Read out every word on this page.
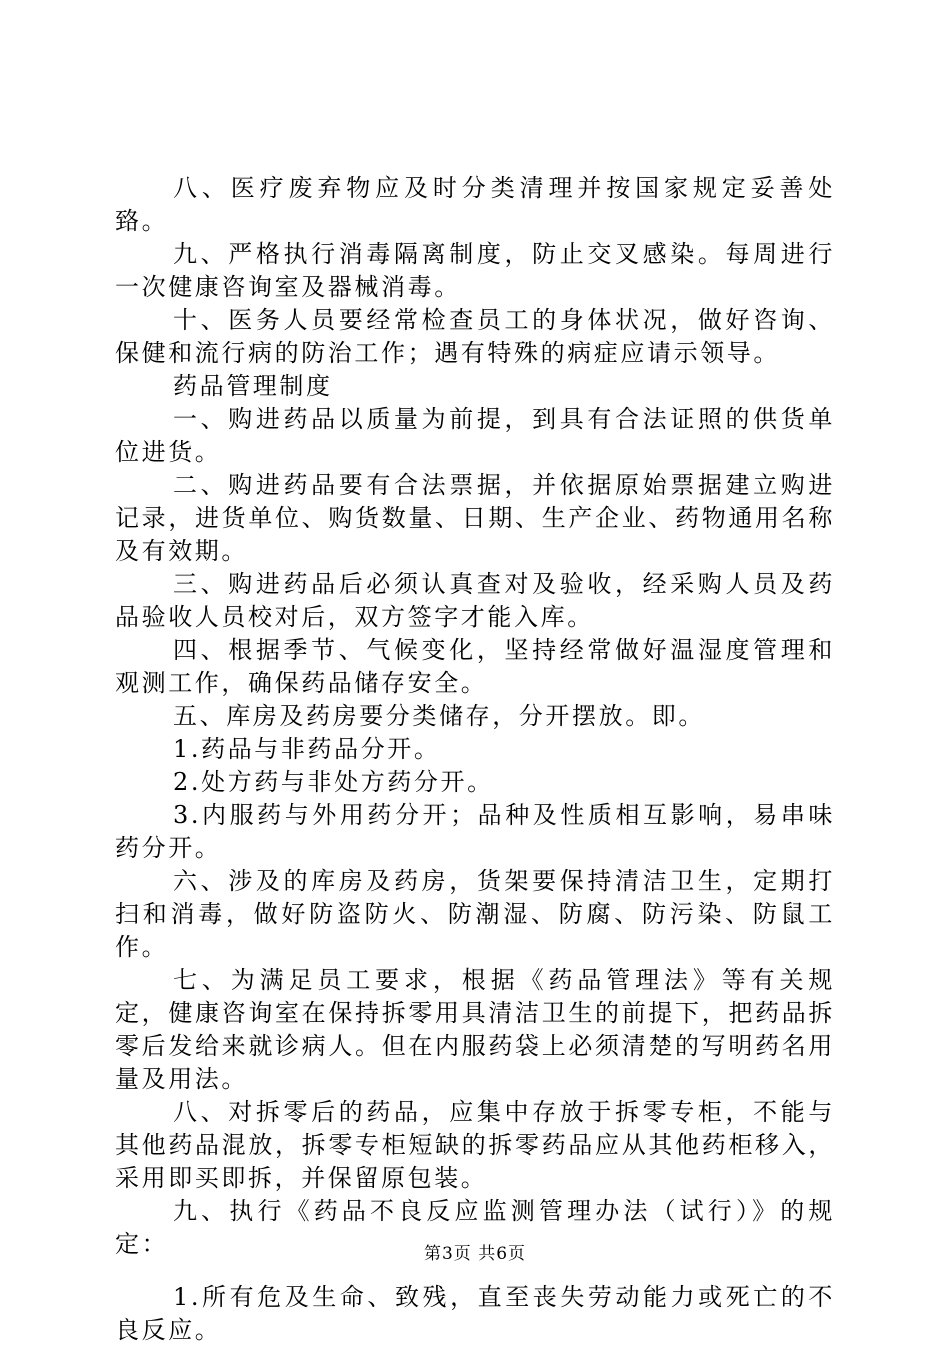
八、医疗废弃物应及时分类清理并按国家规定妥善处臵。

九、严格执行消毒隔离制度，防止交叉感染。每周进行一次健康咨询室及器械消毒。

十、医务人员要经常检查员工的身体状况，做好咨询、保健和流行病的防治工作；遇有特殊的病症应请示领导。

药品管理制度

一、购进药品以质量为前提，到具有合法证照的供货单位进货。

二、购进药品要有合法票据，并依据原始票据建立购进记录，进货单位、购货数量、日期、生产企业、药物通用名称及有效期。

三、购进药品后必须认真查对及验收，经采购人员及药品验收人员校对后，双方签字才能入库。

四、根据季节、气候变化，坚持经常做好温湿度管理和观测工作，确保药品储存安全。

五、库房及药房要分类储存，分开摆放。即。

1.药品与非药品分开。

2.处方药与非处方药分开。

3.内服药与外用药分开；品种及性质相互影响，易串味药分开。

六、涉及的库房及药房，货架要保持清洁卫生，定期打扫和消毒，做好防盗防火、防潮湿、防腐、防污染、防鼠工作。

七、为满足员工要求，根据《药品管理法》等有关规定，健康咨询室在保持拆零用具清洁卫生的前提下，把药品拆零后发给来就诊病人。但在内服药袋上必须清楚的写明药名用量及用法。

八、对拆零后的药品，应集中存放于拆零专柜，不能与其他药品混放，拆零专柜短缺的拆零药品应从其他药柜移入，采用即买即拆，并保留原包装。

九、执行《药品不良反应监测管理办法（试行）》的规定：

1.所有危及生命、致残，直至丧失劳动能力或死亡的不良反应。

第3页 共6页
